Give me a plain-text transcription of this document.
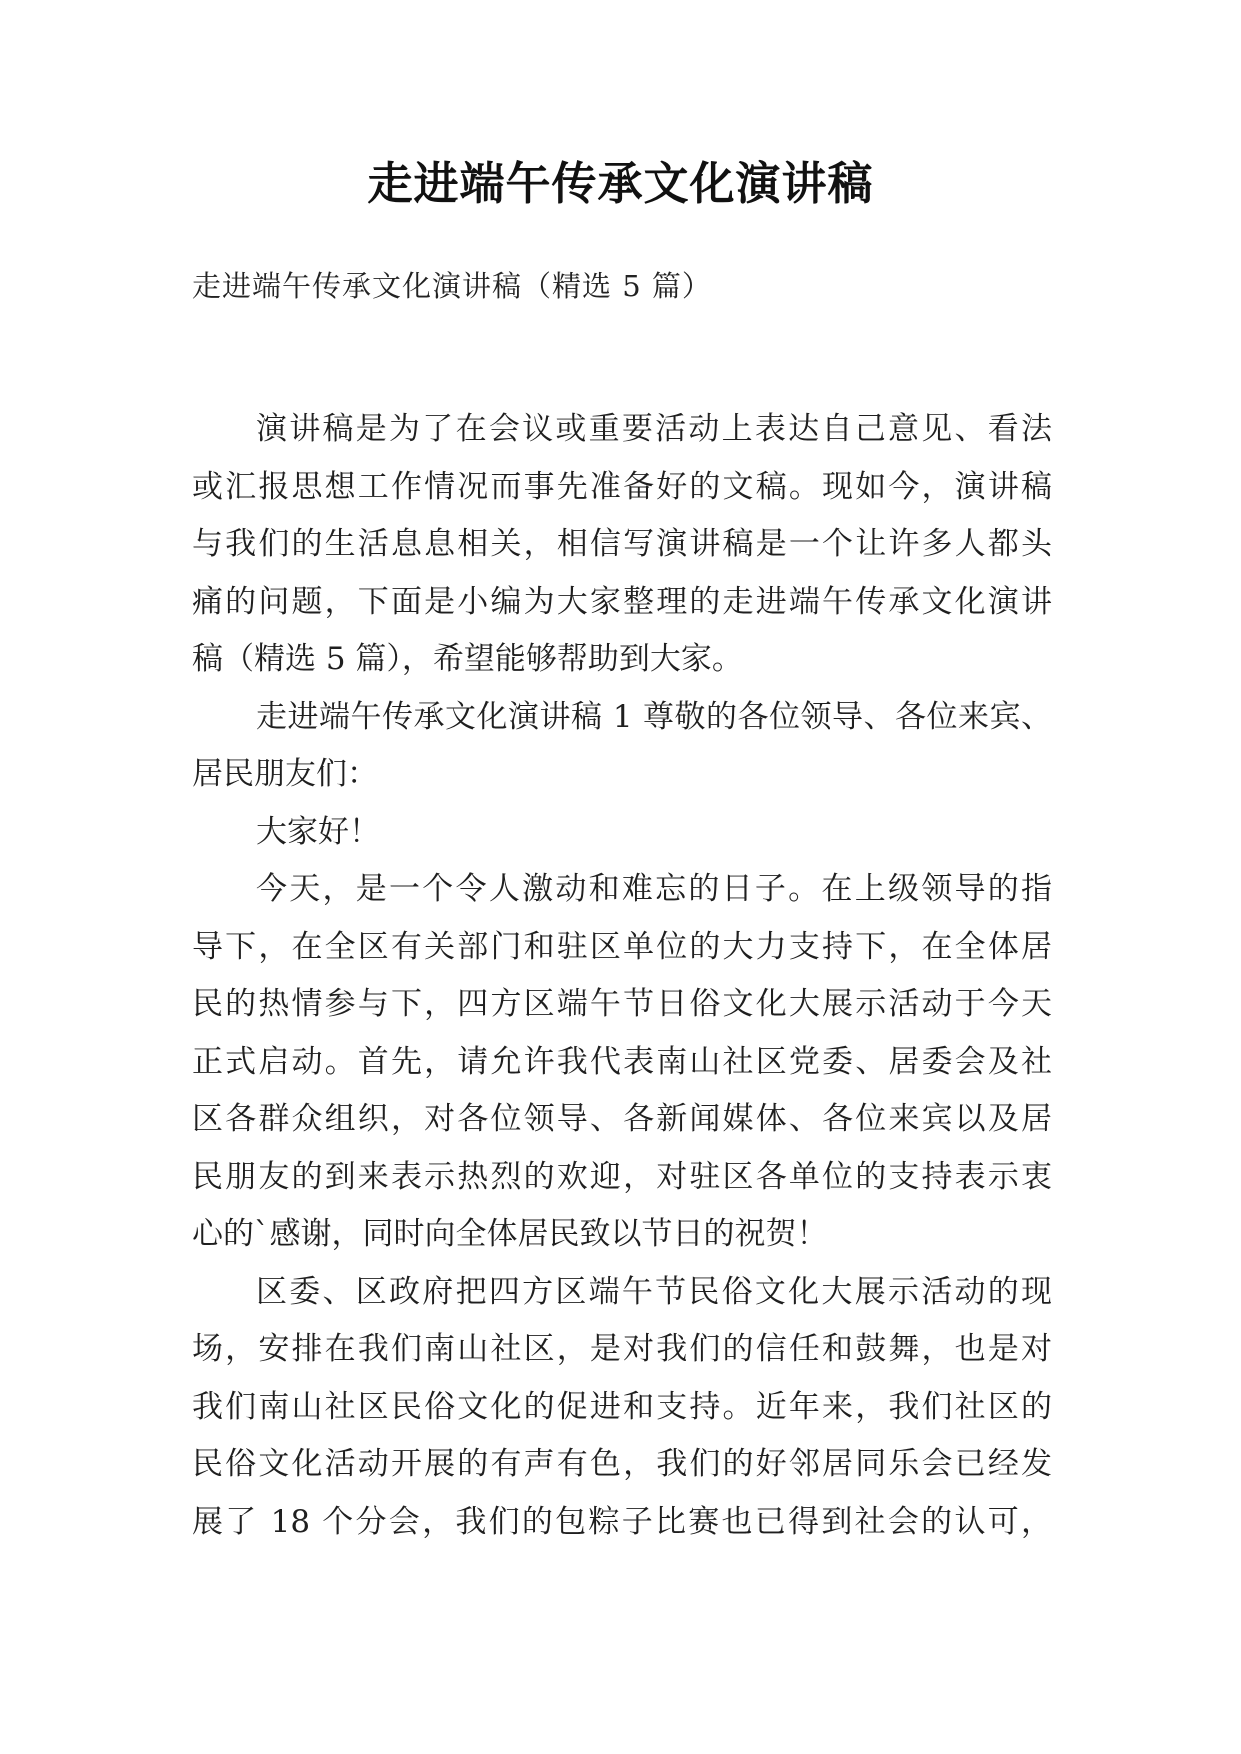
走进端午传承文化演讲稿
走进端午传承文化演讲稿（精选 5 篇）
演讲稿是为了在会议或重要活动上表达自己意见、看法
或汇报思想工作情况而事先准备好的文稿。现如今，演讲稿
与我们的生活息息相关，相信写演讲稿是一个让许多人都头
痛的问题，下面是小编为大家整理的走进端午传承文化演讲
稿（精选 5 篇），希望能够帮助到大家。
走进端午传承文化演讲稿 1 尊敬的各位领导、各位来宾、
居民朋友们：
大家好！
今天，是一个令人激动和难忘的日子。在上级领导的指
导下，在全区有关部门和驻区单位的大力支持下，在全体居
民的热情参与下，四方区端午节日俗文化大展示活动于今天
正式启动。首先，请允许我代表南山社区党委、居委会及社
区各群众组织，对各位领导、各新闻媒体、各位来宾以及居
民朋友的到来表示热烈的欢迎，对驻区各单位的支持表示衷
心的`感谢，同时向全体居民致以节日的祝贺！
区委、区政府把四方区端午节民俗文化大展示活动的现
场，安排在我们南山社区，是对我们的信任和鼓舞，也是对
我们南山社区民俗文化的促进和支持。近年来，我们社区的
民俗文化活动开展的有声有色，我们的好邻居同乐会已经发
展了 18 个分会，我们的包粽子比赛也已得到社会的认可，
